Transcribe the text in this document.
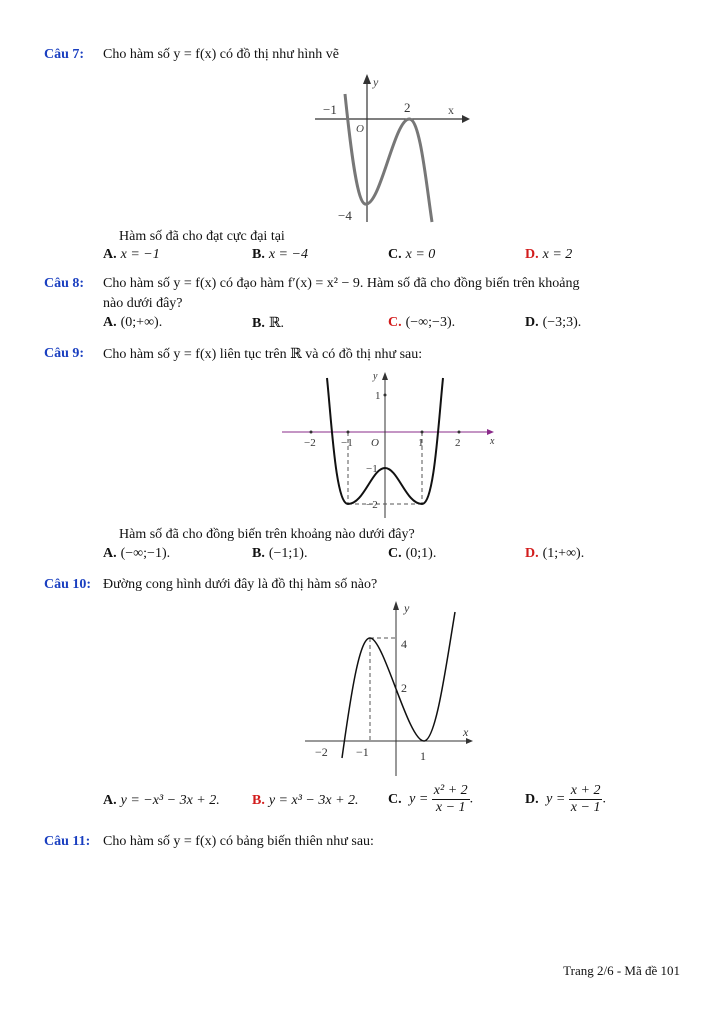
Câu 7: Cho hàm số y = f(x) có đồ thị như hình vẽ
y
−1	2	x
O
−4
Hàm số đã cho đạt cực đại tại
A. x = −1	B. x = −4	C. x = 0	D. x = 2
Câu 8: Cho hàm số y = f(x) có đạo hàm f′(x) = x² − 9. Hàm số đã cho đồng biến trên khoảng
nào dưới đây?
A. (0;+∞).	B. ℝ.	C. (−∞;−3).	D. (−3;3).
Câu 9: Cho hàm số y = f(x) liên tục trên ℝ và có đồ thị như sau:
y
1
−2 −1 O	1	2	x
−1
−2
Hàm số đã cho đồng biến trên khoảng nào dưới đây?
A. (−∞;−1).	B. (−1;1).	C. (0;1).	D. (1;+∞).
Câu 10: Đường cong hình dưới đây là đồ thị hàm số nào?
y
4
2
x
−2 −1	1
A. y = −x³ − 3x + 2. B. y = x³ − 3x + 2. C. $y = \frac{\text{x² + 2}}{x - 1}$ .	D. $y = \frac{x + 2}{x - 1}$ .
Câu 11: Cho hàm số y = f(x) có bảng biến thiên như sau:
Trang 2/6 - Mã đề 101
